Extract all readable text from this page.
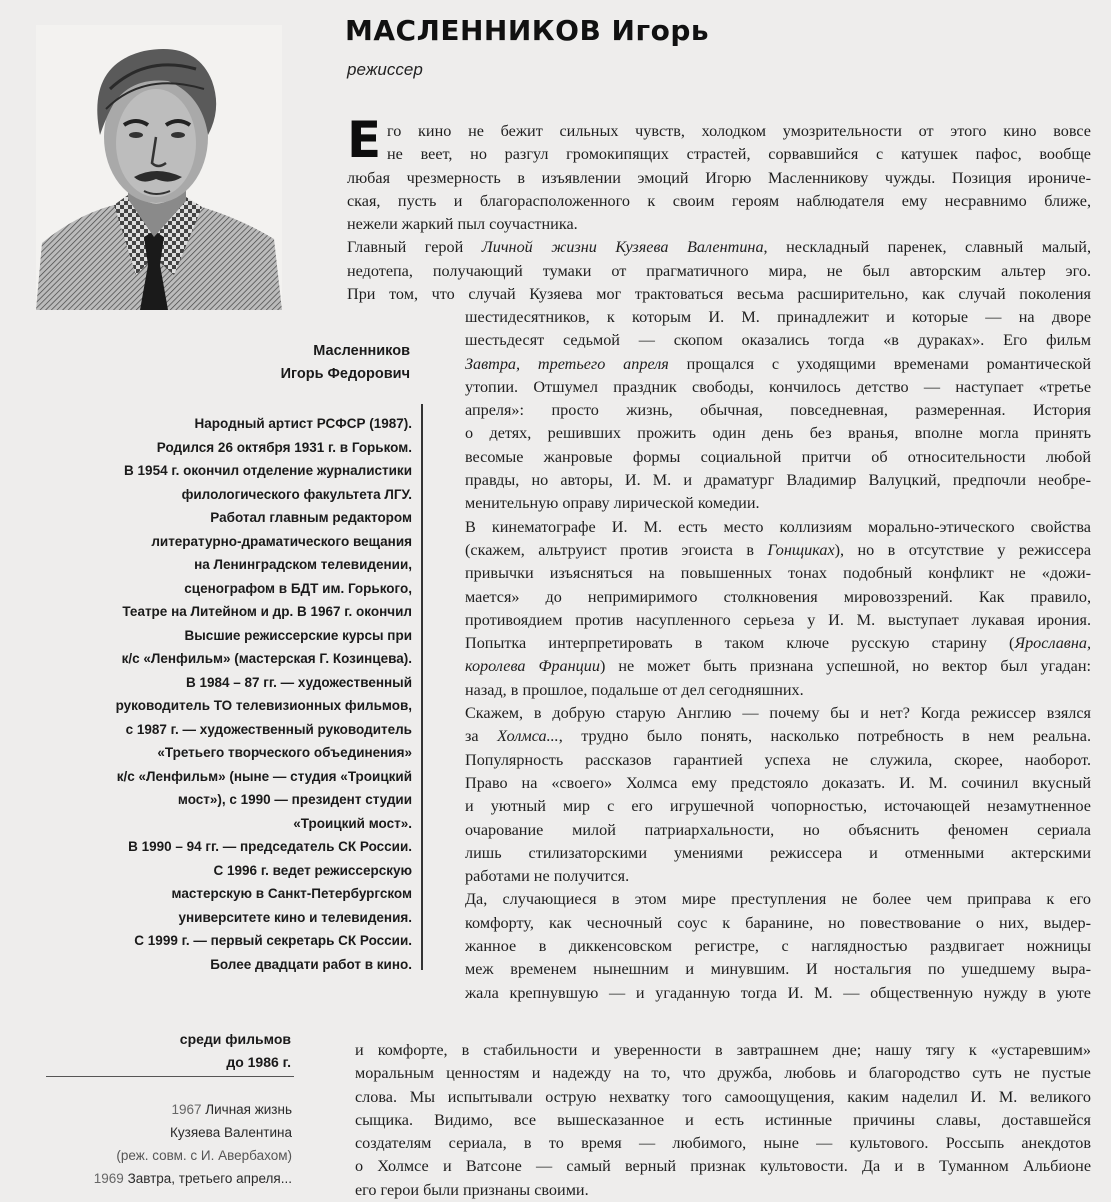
МАСЛЕННИКОВ Игорь
режиссер
Масленников
Игорь Федорович
Народный артист РСФСР (1987).
Родился 26 октября 1931 г. в Горьком.
В 1954 г. окончил отделение журналистики
филологического факультета ЛГУ.
Работал главным редактором
литературно-драматического вещания
на Ленинградском телевидении,
сценографом в БДТ им. Горького,
Театре на Литейном и др. В 1967 г. окончил
Высшие режиссерские курсы при
к/с «Ленфильм» (мастерская Г. Козинцева).
В 1984 – 87 гг. — художественный
руководитель ТО телевизионных фильмов,
с 1987 г. — художественный руководитель
«Третьего творческого объединения»
к/с «Ленфильм» (ныне — студия «Троицкий
мост»), с 1990 — президент студии
«Троицкий мост».
В 1990 – 94 гг. — председатель СК России.
С 1996 г. ведет режиссерскую
мастерскую в Санкт-Петербургском
университете кино и телевидения.
С 1999 г. — первый секретарь СК России.
Более двадцати работ в кино.
среди фильмов
до 1986 г.
1967 Личная жизнь
Кузяева Валентина
(реж. совм. с И. Авербахом)
1969 Завтра, третьего апреля...
Е го кино не бежит сильных чувств, холодком умозрительности от этого кино вовсе
не веет, но разгул громокипящих страстей, сорвавшийся с катушек пафос, вообще
любая чрезмерность в изъявлении эмоций Игорю Масленникову чужды. Позиция ирониче-
ская, пусть и благорасположенного к своим героям наблюдателя ему несравнимо ближе,
нежели жаркий пыл соучастника.
Главный герой Личной жизни Кузяева Валентина, нескладный паренек, славный малый,
недотепа, получающий тумаки от прагматичного мира, не был авторским альтер эго.
При том, что случай Кузяева мог трактоваться весьма расширительно, как случай поколения
шестидесятников, к которым И. М. принадлежит и которые — на дворе
шестьдесят седьмой — скопом оказались тогда «в дураках». Его фильм
Завтра, третьего апреля прощался с уходящими временами романтической
утопии. Отшумел праздник свободы, кончилось детство — наступает «третье
апреля»: просто жизнь, обычная, повседневная, размеренная. История
о детях, решивших прожить один день без вранья, вполне могла принять
весомые жанровые формы социальной притчи об относительности любой
правды, но авторы, И. М. и драматург Владимир Валуцкий, предпочли необре-
менительную оправу лирической комедии.
В кинематографе И. М. есть место коллизиям морально-этического свойства
(скажем, альтруист против эгоиста в Гонщиках), но в отсутствие у режиссера
привычки изъясняться на повышенных тонах подобный конфликт не «дожи-
мается» до непримиримого столкновения мировоззрений. Как правило,
противоядием против насупленного серьеза у И. М. выступает лукавая ирония.
Попытка интерпретировать в таком ключе русскую старину (Ярославна,
королева Франции) не может быть признана успешной, но вектор был угадан:
назад, в прошлое, подальше от дел сегодняшних.
Скажем, в добрую старую Англию — почему бы и нет? Когда режиссер взялся
за Холмса..., трудно было понять, насколько потребность в нем реальна.
Популярность рассказов гарантией успеха не служила, скорее, наоборот.
Право на «своего» Холмса ему предстояло доказать. И. М. сочинил вкусный
и уютный мир с его игрушечной чопорностью, источающей незамутненное
очарование милой патриархальности, но объяснить феномен сериала
лишь стилизаторскими умениями режиссера и отменными актерскими
работами не получится.
Да, случающиеся в этом мире преступления не более чем приправа к его
комфорту, как чесночный соус к баранине, но повествование о них, выдер-
жанное в диккенсовском регистре, с наглядностью раздвигает ножницы
меж временем нынешним и минувшим. И ностальгия по ушедшему выра-
жала крепнувшую — и угаданную тогда И. М. — общественную нужду в уюте
и комфорте, в стабильности и уверенности в завтрашнем дне; нашу тягу к «устаревшим»
моральным ценностям и надежду на то, что дружба, любовь и благородство суть не пустые
слова. Мы испытывали острую нехватку того самоощущения, каким наделил И. М. великого
сыщика. Видимо, все вышесказанное и есть истинные причины славы, доставшейся
создателям сериала, в то время — любимого, ныне — культового. Россыпь анекдотов
о Холмсе и Ватсоне — самый верный признак культовости. Да и в Туманном Альбионе
его герои были признаны своими.
